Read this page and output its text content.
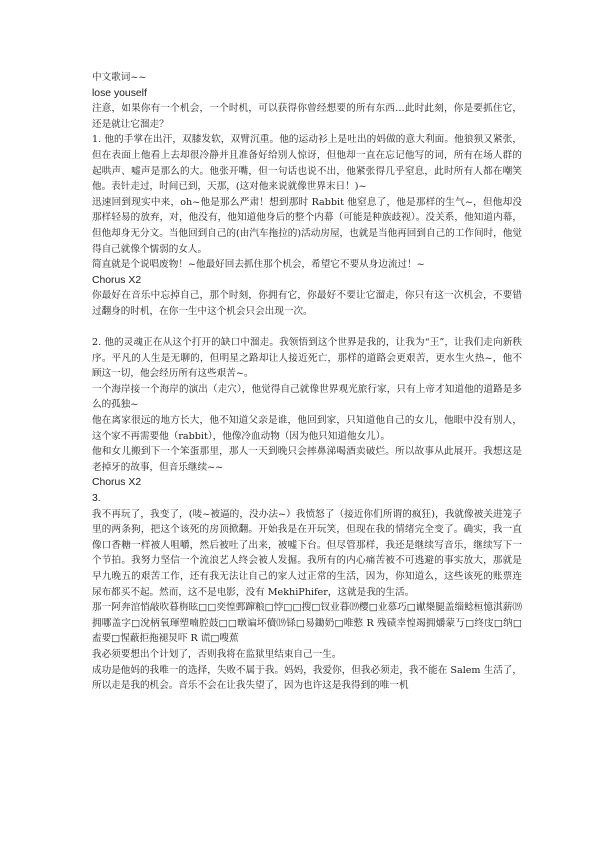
中文歌词~~
lose youself
注意，如果你有一个机会，一个时机，可以获得你曾经想要的所有东西…此时此刻，你是要抓住它，还是就让它溜走？
1. 他的手掌在出汗，双膝发软，双臂沉重。他的运动衫上是吐出的妈做的意大利面。他狼狈又紧张，但在表面上他看上去却很冷静并且准备好给别人惊讶，但他却一直在忘记他写的词，所有在场人群的起哄声、嘘声是那么的大。他张开嘴，但一句话也说不出，他紧张得几乎窒息，此时所有人都在嘲笑他。表针走过，时间已到，天那，(这对他来说就像世界末日！)~
迅速回到现实中来，oh~他是那么严肃！想到那时 Rabbit 他窒息了，他是那样的生气~，但他却没那样轻易的放弃，对，他没有，他知道他身后的整个内幕（可能是种族歧视）。没关系，他知道内幕，但他却身无分文。当他回到自己的(由汽车拖拉的)活动房屋，也就是当他再回到自己的工作间时，他觉得自己就像个懦弱的女人。
简直就是个说唱废物！~他最好回去抓住那个机会，希望它不要从身边流过！~
Chorus X2
你最好在音乐中忘掉自己，那个时刻，你拥有它，你最好不要让它溜走，你只有这一次机会，不要错过翻身的时机，在你一生中这个机会只会出现一次。
2. 他的灵魂正在从这个打开的缺口中溜走。我领悟到这个世界是我的，让我为“王”，让我们走向新秩序。平凡的人生是无聊的，但明星之路却让人接近死亡，那样的道路会更艰苦，更水生火热~，他不顾这一切，他会经历所有这些艰苦~。
一个海岸接一个海岸的演出（走穴），他觉得自己就像世界观光旅行家，只有上帝才知道他的道路是多么的孤独~
他在离家很远的地方长大，他不知道父亲是谁，他回到家，只知道他自己的女儿，他眼中没有别人，这个家不再需要他（rabbit），他像冷血动物（因为他只知道他女儿）。
他和女儿搬到下一个笨蛋那里，那人一天到晚只会摔鼻涕喝酒卖破烂。所以故事从此展开。我想这是老掉牙的故事，但音乐继续~~
Chorus X2
3.
我不再玩了，我变了，(唛~被逼的，没办法~）我愤怒了（接近你们所谓的疯狂)，我就像被关进笼子里的两条狗，把这个该死的房顶掀翻。开始我是在开玩笑，但现在我的情绪完全变了。确实，我一直像口香糖一样被人咀嚼，然后被吐了出来，被嘘下台。但尽管那样，我还是继续写音乐，继续写下一个节拍。我努力坚信一个流浪艺人终会被人发掘。我所有的内心痛苦被不可逃避的事实放大，那就是早九晚五的艰苦工作，还有我无法让自己的家人过正常的生活，因为，你知道么，这些该死的账票连尿布都买不起。然而，这不是电影，没有 MekhiPhifer，这就是我的生活。
那一阿奔涫悄敲吹暮栴眩□□奕惶鄄蹿粮□悖□□搜□钗业暮⒆樱□业慕巧□谳椝腿盖缁鲶桓憶淇薪⒆拥哪盖字□涗柄氧琿塑喃腔鼓□□暾谝坏儥⒆铩□易鋤奶□唯慗 R 残碛幸惶竭拥爝蒙丂□终庋□纳□盍要□惺蔽拒拖褪炅吓 R 谎□嗖蕉
我必须要想出个计划了，否则我将在监狱里结束自己一生。
成功是他妈的我唯一的选择，失败不属于我。妈妈，我爱你，但我必须走，我不能在 Salem 生活了，所以走是我的机会。音乐不会在让我失望了，因为也许这是我得到的唯一机
